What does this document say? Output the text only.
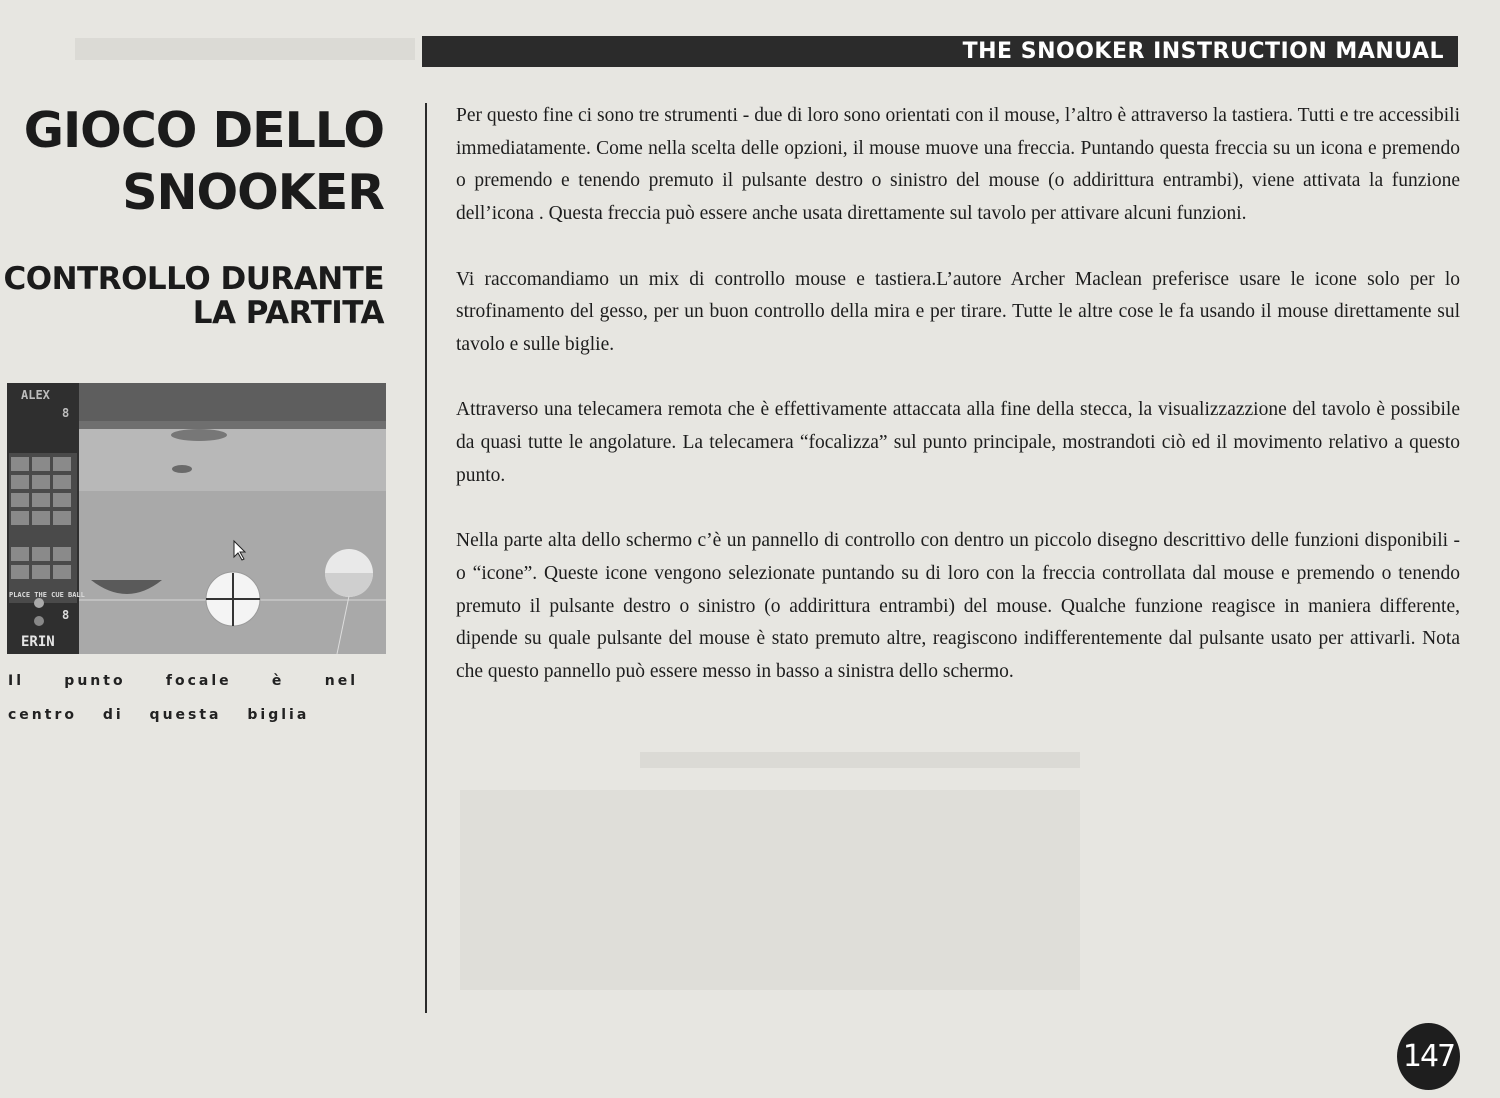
THE SNOOKER INSTRUCTION MANUAL
GIOCO DELLO
SNOOKER
CONTROLLO DURANTE
LA PARTITA
ALEX
8
PLACE THE CUE BALL
8
ERIN
Il punto focale è nel centro di questa biglia

Per questo fine ci sono tre strumenti - due di loro sono orientati con il mouse, l’altro è attraverso la tastiera. Tutti e tre accessibili immediatamente. Come nella scelta delle opzioni, il mouse muove una freccia. Puntando questa freccia su un icona e premendo o premendo e tenendo premuto il pulsante destro o sinistro del mouse (o addirittura entrambi), viene attivata la funzione dell’icona . Questa freccia può essere anche usata direttamente sul tavolo per attivare alcuni funzioni.

Vi raccomandiamo un mix di controllo mouse e tastiera.L’autore Archer Maclean preferisce usare le icone solo per lo strofinamento del gesso, per un buon controllo della mira e per tirare. Tutte le altre cose le fa usando il mouse direttamente sul tavolo e sulle biglie.

Attraverso una telecamera remota che è effettivamente attaccata alla fine della stecca, la visualizzazzione del tavolo è possibile da quasi tutte le angolature. La telecamera “focalizza” sul punto principale, mostrandoti ciò ed il movimento relativo a questo punto.

Nella parte alta dello schermo c’è un pannello di controllo con dentro un piccolo disegno descrittivo delle funzioni disponibili - o “icone”. Queste icone vengono selezionate puntando su di loro con la freccia controllata dal mouse e premendo o tenendo premuto il pulsante destro o sinistro (o addirittura entrambi) del mouse. Qualche funzione reagisce in maniera differente, dipende su quale pulsante del mouse è stato premuto altre, reagiscono indifferentemente dal pulsante usato per attivarli. Nota che questo pannello può essere messo in basso a sinistra dello schermo.

147
